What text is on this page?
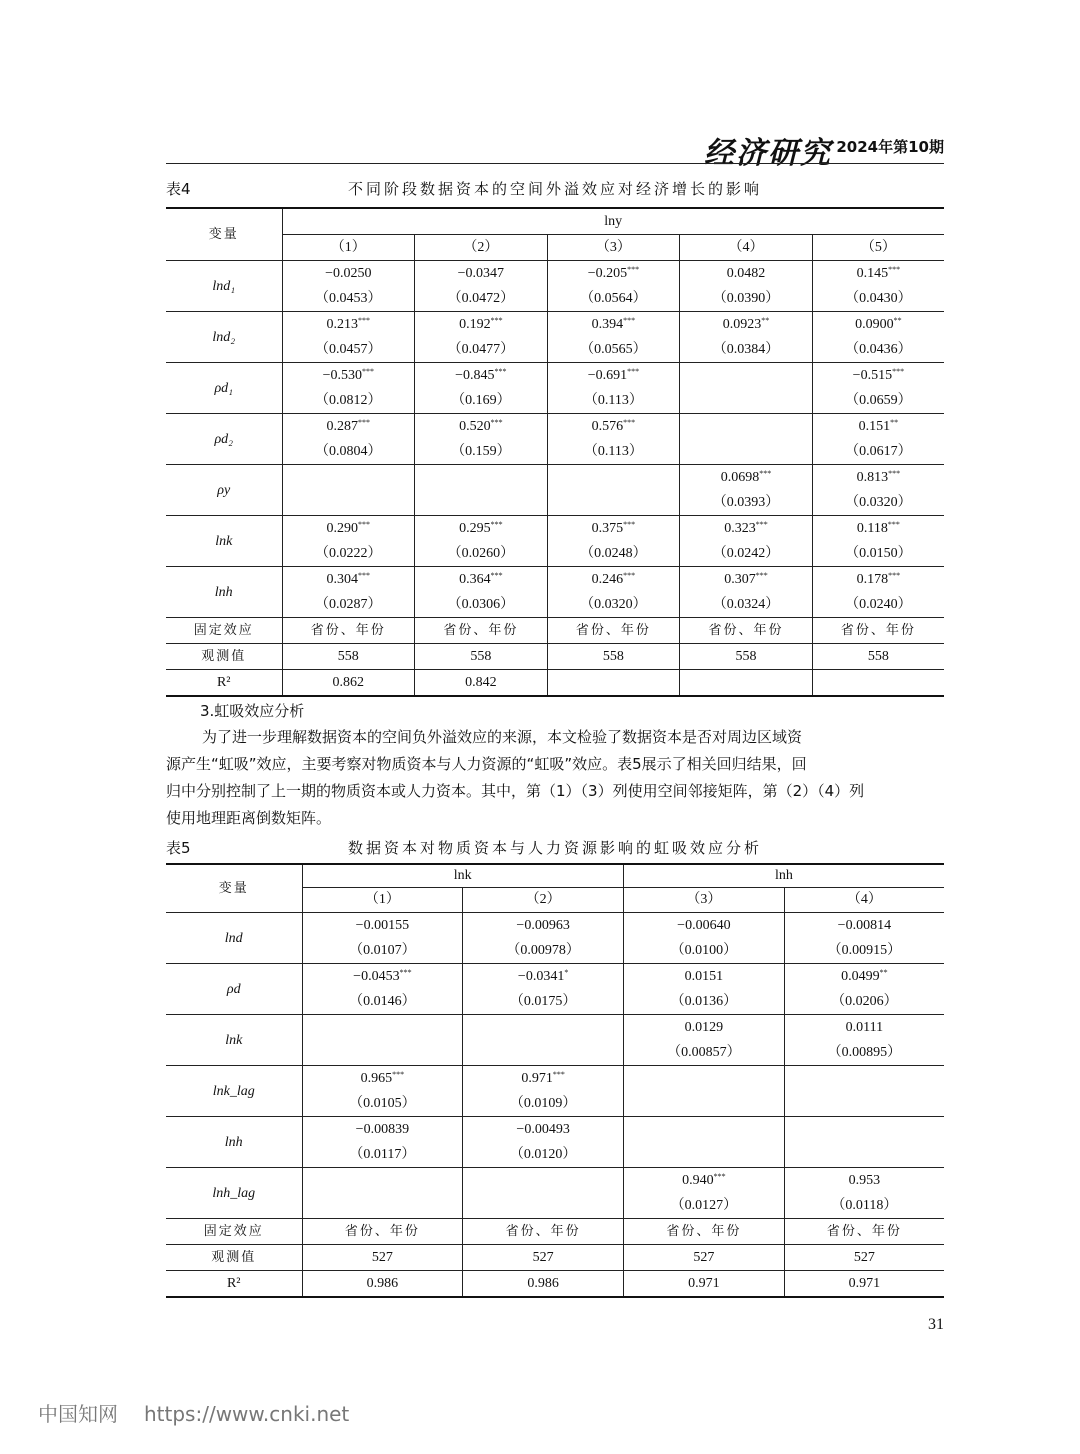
经济研究 2024年第10期
表4	不同阶段数据资本的空间外溢效应对经济增长的影响
变量	lny				
	（1）	（2）	（3）	（4）	（5）
lnd₁	−0.0250	−0.0347	−0.205***	0.0482	0.145***
	（0.0453）	（0.0472）	（0.0564）	（0.0390）	（0.0430）
lnd₂	0.213***	0.192***	0.394***	0.0923**	0.0900**
	（0.0457）	（0.0477）	（0.0565）	（0.0384）	（0.0436）
ρd₁	−0.530***	−0.845***	−0.691***		−0.515***
	（0.0812）	（0.169）	（0.113）		（0.0659）
ρd₂	0.287***	0.520***	0.576***		0.151**
	（0.0804）	（0.159）	（0.113）		（0.0617）
ρy				0.0698***	0.813***
				（0.0393）	（0.0320）
lnk	0.290***	0.295***	0.375***	0.323***	0.118***
	（0.0222）	（0.0260）	（0.0248）	（0.0242）	（0.0150）
lnh	0.304***	0.364***	0.246***	0.307***	0.178***
	（0.0287）	（0.0306）	（0.0320）	（0.0324）	（0.0240）
固定效应	省份、年份	省份、年份	省份、年份	省份、年份	省份、年份
观测值	558	558	558	558	558
R²	0.862	0.842			
3.虹吸效应分析
为了进一步理解数据资本的空间负外溢效应的来源，本文检验了数据资本是否对周边区域资
源产生“虹吸”效应，主要考察对物质资本与人力资源的“虹吸”效应。表5展示了相关回归结果，回
归中分别控制了上一期的物质资本或人力资本。其中，第（1）（3）列使用空间邻接矩阵，第（2）（4）列
使用地理距离倒数矩阵。
表5	数据资本对物质资本与人力资源影响的虹吸效应分析
变量	lnk		lnh	
	（1）	（2）	（3）	（4）
lnd	−0.00155	−0.00963	−0.00640	−0.00814
	（0.0107）	（0.00978）	（0.0100）	（0.00915）
ρd	−0.0453***	−0.0341*	0.0151	0.0499**
	（0.0146）	（0.0175）	（0.0136）	（0.0206）
lnk			0.0129	0.0111
			（0.00857）	（0.00895）
lnk_lag	0.965***	0.971***		
	（0.0105）	（0.0109）		
lnh	−0.00839	−0.00493		
	（0.0117）	（0.0120）		
lnh_lag			0.940***	0.953
			（0.0127）	（0.0118）
固定效应	省份、年份	省份、年份	省份、年份	省份、年份
观测值	527	527	527	527
R²	0.986	0.986	0.971	0.971
31
中国知网 https://www.cnki.net
